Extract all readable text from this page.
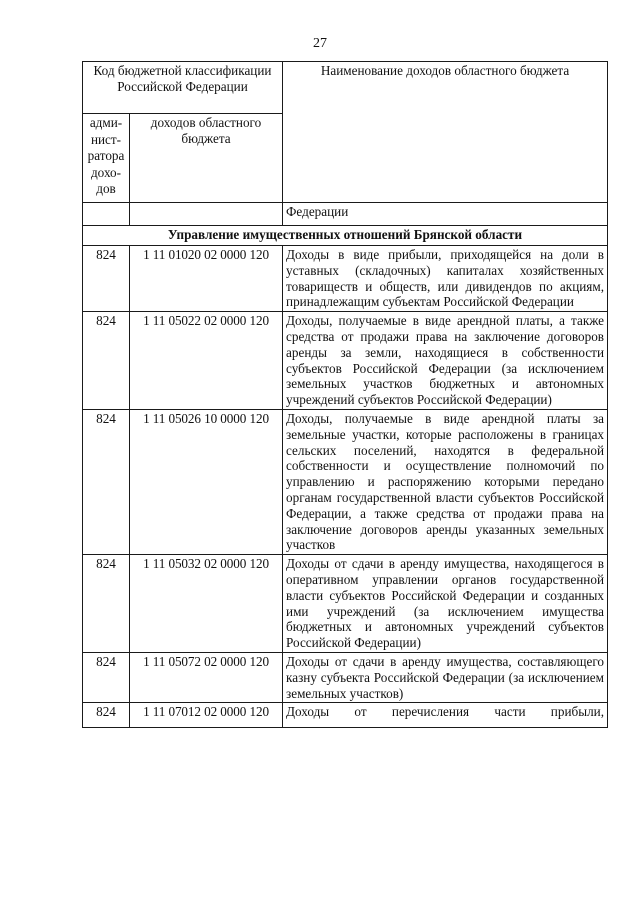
27
Код бюджетной классификации Российской Федерации		Наименование доходов областного бюджета
адми-нист-ратора дохо-дов	доходов областного бюджета	
		Федерации
Управление имущественных отношений Брянской области		
824	1 11 01020 02 0000 120	Доходы в виде прибыли, приходящейся на доли в уставных (складочных) капиталах хозяйственных товариществ и обществ, или дивидендов по акциям, принадлежащим субъектам Российской Федерации
824	1 11 05022 02 0000 120	Доходы, получаемые в виде арендной платы, а также средства от продажи права на заключение договоров аренды за земли, находящиеся в собственности субъектов Российской Федерации (за исключением земельных участков бюджетных и автономных учреждений субъектов Российской Федерации)
824	1 11 05026 10 0000 120	Доходы, получаемые в виде арендной платы за земельные участки, которые расположены в границах сельских поселений, находятся в федеральной собственности и осуществление полномочий по управлению и распоряжению которыми передано органам государственной власти субъектов Российской Федерации, а также средства от продажи права на заключение договоров аренды указанных земельных участков
824	1 11 05032 02 0000 120	Доходы от сдачи в аренду имущества, находящегося в оперативном управлении органов государственной власти субъектов Российской Федерации и созданных ими учреждений (за исключением имущества бюджетных и автономных учреждений субъектов Российской Федерации)
824	1 11 05072 02 0000 120	Доходы от сдачи в аренду имущества, составляющего казну субъекта Российской Федерации (за исключением земельных участков)
824	1 11 07012 02 0000 120	Доходы от перечисления части прибыли,
